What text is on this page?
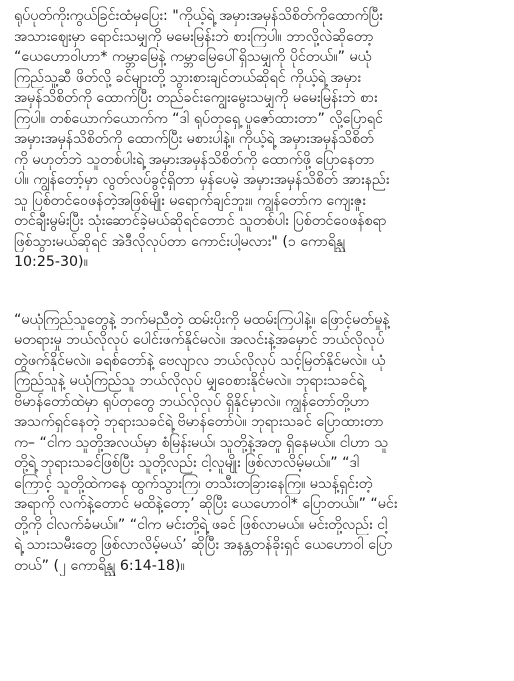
ရုပ်ပုတ်ကိုးကွယ်ခြင်းထံမှပြေး: "ကိုယ့်ရဲ့ အမှားအမှန်သိစိတ်ကိုထောက်ပြီး
အသားဈေးမှာ ရောင်းသမျှကို မမေးမြန်းဘဲ စားကြပါ။ ဘာလို့လဲဆိုတော့
“ယေဟောဝါဟာ* ကမ္ဘာမြေနဲ့ ကမ္ဘာမြေပေါ်ရှိသမျှကို ပိုင်တယ်။” မယုံ
ကြည်သူ့ဆီ ဖိတ်လို့ ခင်များတို့ သွားစားချင်တယ်ဆိုရင် ကိုယ့်ရဲ့ အမှား
အမှန်သိစိတ်ကို ထောက်ပြီး တည်ခင်းကျွေးမွေးသမျှကို မမေးမြန်းဘဲ စား
ကြပါ။ တစ်ယောက်ယောက်က “ဒါ ရုပ်တုရှေ့ ပူဇော်ထားတာ” လို့ပြောရင်
အမှားအမှန်သိစိတ်ကို ထောက်ပြီး မစားပါနဲ့။ ကိုယ့်ရဲ့ အမှားအမှန်သိစိတ်
ကို မဟုတ်ဘဲ သူတစ်ပါးရဲ့ အမှားအမှန်သိစိတ်ကို ထောက်ဖို့ ပြောနေတာ
ပါ။ ကျွန်တော့်မှာ လွတ်လပ်ခွင့်ရှိတာ မှန်ပေမဲ့ အမှားအမှန်သိစိတ် အားနည်း
သူ ပြစ်တင်ဝေဖန်တဲ့အဖြစ်မျိုး မရောက်ချင်ဘူး။ ကျွန်တော်က ကျေးဇူး
တင်ချီးမွမ်းပြီး သုံးဆောင်ခဲ့မယ်ဆိုရင်တောင် သူတစ်ပါး ပြစ်တင်ဝေဖန်စရာ
ဖြစ်သွားမယ်ဆိုရင် အဲဒီလိုလုပ်တာ ကောင်းပါ့မလား" (၁ ကောရိန္သု
10:25-30)။

“မယုံကြည်သူတွေနဲ့ ဘက်မညီတဲ့ ထမ်းပိုးကို မထမ်းကြပါနဲ့။ ဖြောင့်မတ်မှုနဲ့
မတရားမှု ဘယ်လိုလုပ် ပေါင်းဖက်နိုင်မလဲ။ အလင်းနဲ့အမှောင် ဘယ်လိုလုပ်
တွဲဖက်နိုင်မလဲ။ ခရစ်တော်နဲ့ ဗေလျာလ ဘယ်လိုလုပ် သင့်မြတ်နိုင်မလဲ။ ယုံ
ကြည်သူနဲ့ မယုံကြည်သူ ဘယ်လိုလုပ် မျှဝေစားနိုင်မလဲ။ ဘုရားသခင်ရဲ့
ဗိမာန်တော်ထဲမှာ ရုပ်တုတွေ ဘယ်လိုလုပ် ရှိနိုင်မှာလဲ။ ကျွန်တော်တို့ဟာ
အသက်ရှင်နေတဲ့ ဘုရားသခင်ရဲ့ ဗိမာန်တော်ပဲ။ ဘုရားသခင် ပြောထားတာ
က– “ငါက သူတို့အလယ်မှာ စံမြန်းမယ်၊ သူတို့နဲ့အတူ ရှိနေမယ်။ ငါဟာ သူ
တို့ရဲ့ ဘုရားသခင်ဖြစ်ပြီး သူတို့လည်း ငါ့လူမျိုး ဖြစ်လာလိမ့်မယ်။” “ဒါ
ကြောင့် သူတို့ထဲကနေ ထွက်သွားကြ၊ တသီးတခြားနေကြ။ မသန့်ရှင်းတဲ့
အရာကို လက်နဲ့တောင် မထိနဲ့တော့’ ဆိုပြီး ယေဟောဝါ* ပြောတယ်။” “မင်း
တို့ကို ငါလက်ခံမယ်။” “ငါက မင်းတို့ရဲ့ ဖခင် ဖြစ်လာမယ်။ မင်းတို့လည်း ငါ့
ရဲ့ သားသမီးတွေ ဖြစ်လာလိမ့်မယ်’ ဆိုပြီး အနန္တတန်ခိုးရှင် ယေဟောဝါ ပြော
တယ်” (၂ ကောရိန္သု 6:14-18)။
